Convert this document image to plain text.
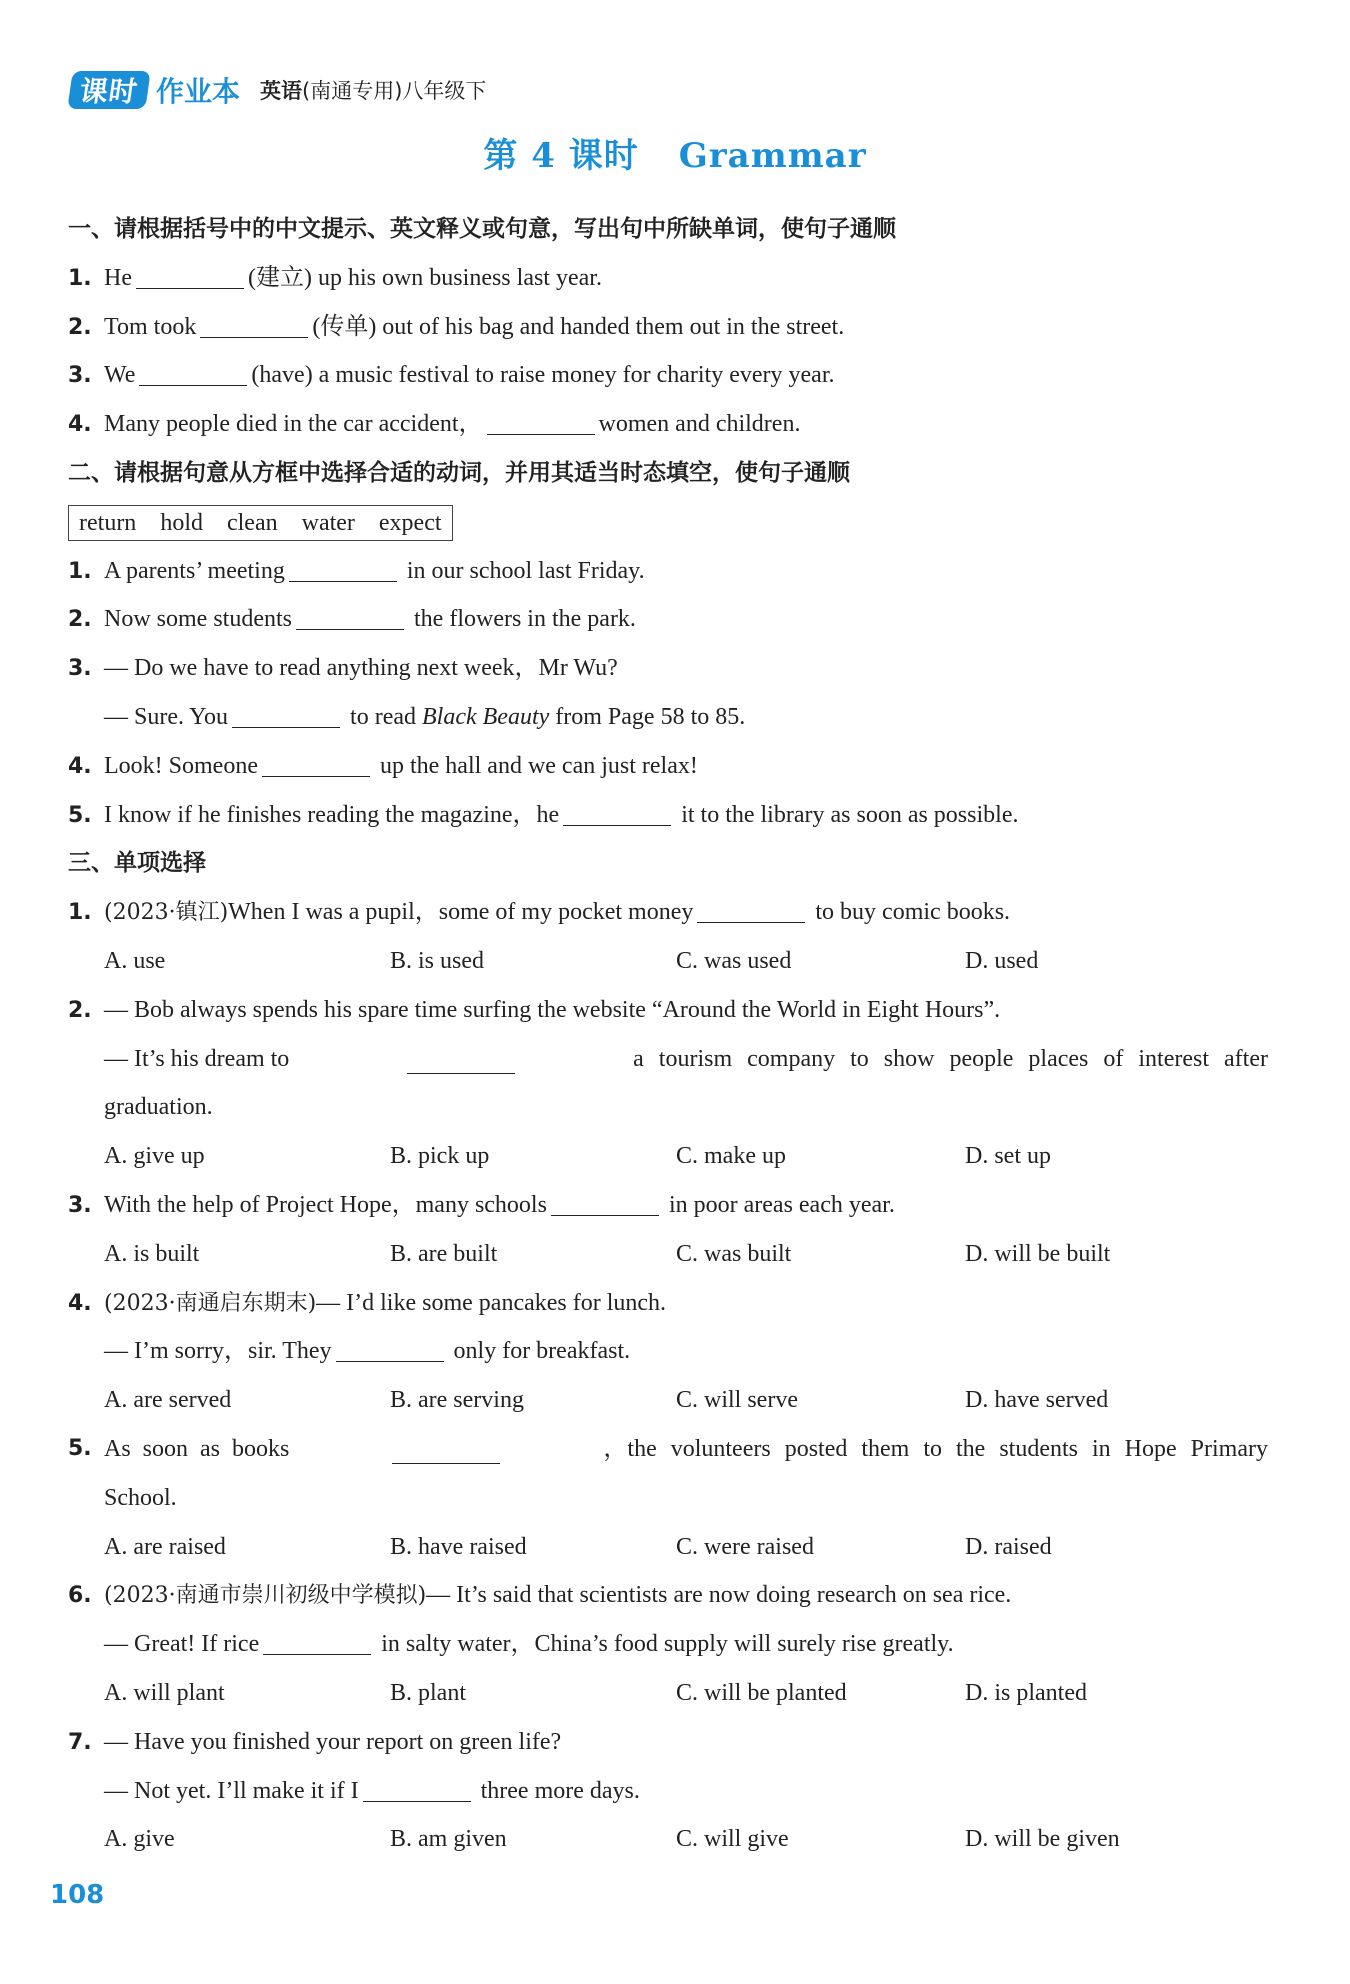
课时 作业本 英语(南通专用)八年级下
第 4 课时 Grammar
一、请根据括号中的中文提示、英文释义或句意，写出句中所缺单词，使句子通顺
1. He	(建立) up his own business last year.
2. Tom took	(传单) out of his bag and handed them out in the street.
3. We	(have) a music festival to raise money for charity every year.
4. Many people died in the car accident，	women and children.
二、请根据句意从方框中选择合适的动词，并用其适当时态填空，使句子通顺
return hold clean water expect
1. A parents’ meeting	in our school last Friday.
2. Now some students	the flowers in the park.
3. — Do we have to read anything next week，Mr Wu?
— Sure. You	to read Black Beauty from Page 58 to 85.
4. Look! Someone	up the hall and we can just relax!
5. I know if he finishes reading the magazine，he	it to the library as soon as possible.
三、单项选择
1. (2023·镇江)When I was a pupil，some of my pocket money	to buy comic books.
A. use	B. is used	C. was used	D. used
2. — Bob always spends his spare time surfing the website “Around the World in Eight Hours”.
— It’s his dream to	a tourism company to show people places of interest after
graduation.
A. give up	B. pick up	C. make up	D. set up
3. With the help of Project Hope，many schools	in poor areas each year.
A. is built	B. are built	C. was built	D. will be built
4. (2023·南通启东期末)— I’d like some pancakes for lunch.
— I’m sorry，sir. They	only for breakfast.
A. are served	B. are serving	C. will serve	D. have served
5. As soon as books	，the volunteers posted them to the students in Hope Primary
School.
A. are raised	B. have raised	C. were raised	D. raised
6. (2023·南通市崇川初级中学模拟)— It’s said that scientists are now doing research on sea rice.
— Great! If rice	in salty water，China’s food supply will surely rise greatly.
A. will plant	B. plant	C. will be planted	D. is planted
7. — Have you finished your report on green life?
— Not yet. I’ll make it if I	three more days.
A. give	B. am given	C. will give	D. will be given
108
